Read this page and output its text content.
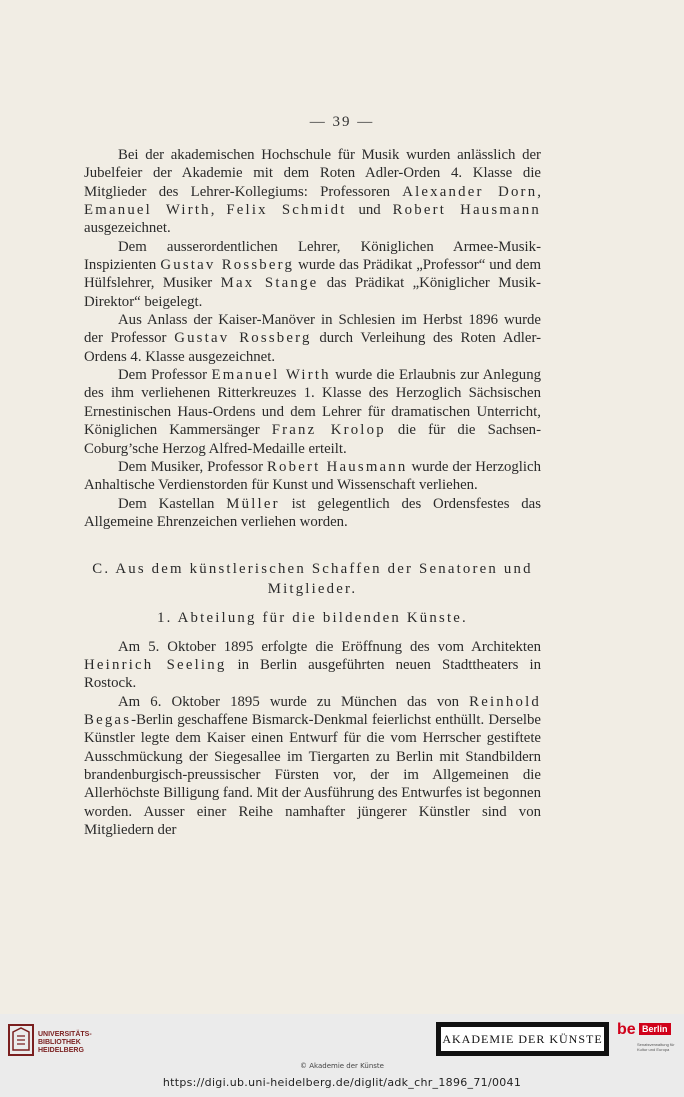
— 39 —

Bei der akademischen Hochschule für Musik wurden anlässlich der Jubelfeier der Akademie mit dem Roten Adler-Orden 4. Klasse die Mitglieder des Lehrer-Kollegiums: Professoren Alexander Dorn, Emanuel Wirth, Felix Schmidt und Robert Hausmann ausgezeichnet.

Dem ausserordentlichen Lehrer, Königlichen Armee-Musik-Inspizienten Gustav Rossberg wurde das Prädikat „Professor“ und dem Hülfslehrer, Musiker Max Stange das Prädikat „Königlicher Musik-Direktor“ beigelegt.

Aus Anlass der Kaiser-Manöver in Schlesien im Herbst 1896 wurde der Professor Gustav Rossberg durch Verleihung des Roten Adler-Ordens 4. Klasse ausgezeichnet.

Dem Professor Emanuel Wirth wurde die Erlaubnis zur Anlegung des ihm verliehenen Ritterkreuzes 1. Klasse des Herzoglich Sächsischen Ernestinischen Haus-Ordens und dem Lehrer für dramatischen Unterricht, Königlichen Kammersänger Franz Krolop die für die Sachsen-Coburg’sche Herzog Alfred-Medaille erteilt.

Dem Musiker, Professor Robert Hausmann wurde der Herzoglich Anhaltische Verdienstorden für Kunst und Wissenschaft verliehen.

Dem Kastellan Müller ist gelegentlich des Ordensfestes das Allgemeine Ehrenzeichen verliehen worden.

C. Aus dem künstlerischen Schaffen der Senatoren und Mitglieder.
1. Abteilung für die bildenden Künste.

Am 5. Oktober 1895 erfolgte die Eröffnung des vom Architekten Heinrich Seeling in Berlin ausgeführten neuen Stadttheaters in Rostock.

Am 6. Oktober 1895 wurde zu München das von Reinhold Begas-Berlin geschaffene Bismarck-Denkmal feierlichst enthüllt. Derselbe Künstler legte dem Kaiser einen Entwurf für die vom Herrscher gestiftete Ausschmückung der Siegesallee im Tiergarten zu Berlin mit Standbildern brandenburgisch-preussischer Fürsten vor, der im Allgemeinen die Allerhöchste Billigung fand. Mit der Ausführung des Entwurfes ist begonnen worden. Ausser einer Reihe namhafter jüngerer Künstler sind von Mitgliedern der

UNIVERSITÄTS-
BIBLIOTHEK
HEIDELBERG
AKADEMIE DER KÜNSTE
be Berlin
Senatsverwaltung für Kultur und Europa
© Akademie der Künste
https://digi.ub.uni-heidelberg.de/diglit/adk_chr_1896_71/0041
